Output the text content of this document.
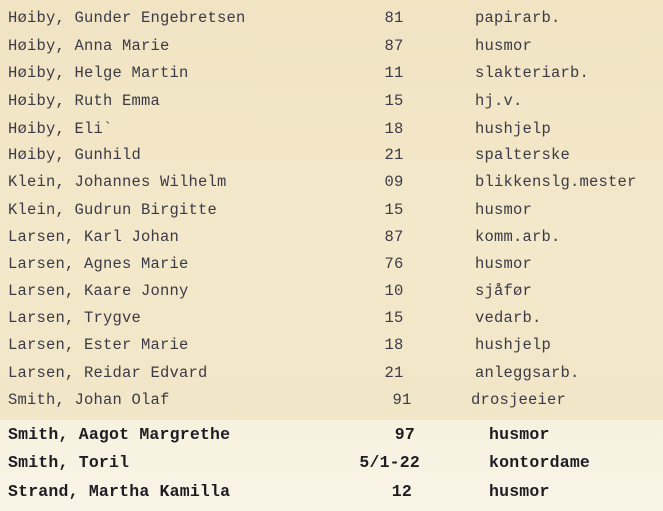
Høiby, Gunder Engebretsen	81	papirarb.
Høiby, Anna Marie	87	husmor
Høiby, Helge Martin	11	slakteriarb.
Høiby, Ruth Emma	15	hj.v.
Høiby, Eli`	18	hushjelp
Høiby, Gunhild	21	spalterske
Klein, Johannes Wilhelm	09	blikkenslg.mester
Klein, Gudrun Birgitte	15	husmor
Larsen, Karl Johan	87	komm.arb.
Larsen, Agnes Marie	76	husmor
Larsen, Kaare Jonny	10	sjåfør
Larsen, Trygve	15	vedarb.
Larsen, Ester Marie	18	hushjelp
Larsen, Reidar Edvard	21	anleggsarb.
Smith, Johan Olaf	91	drosjeeier
Smith, Aagot Margrethe	97	husmor
Smith, Toril	5/1-22	kontordame
Strand, Martha Kamilla	12	husmor
